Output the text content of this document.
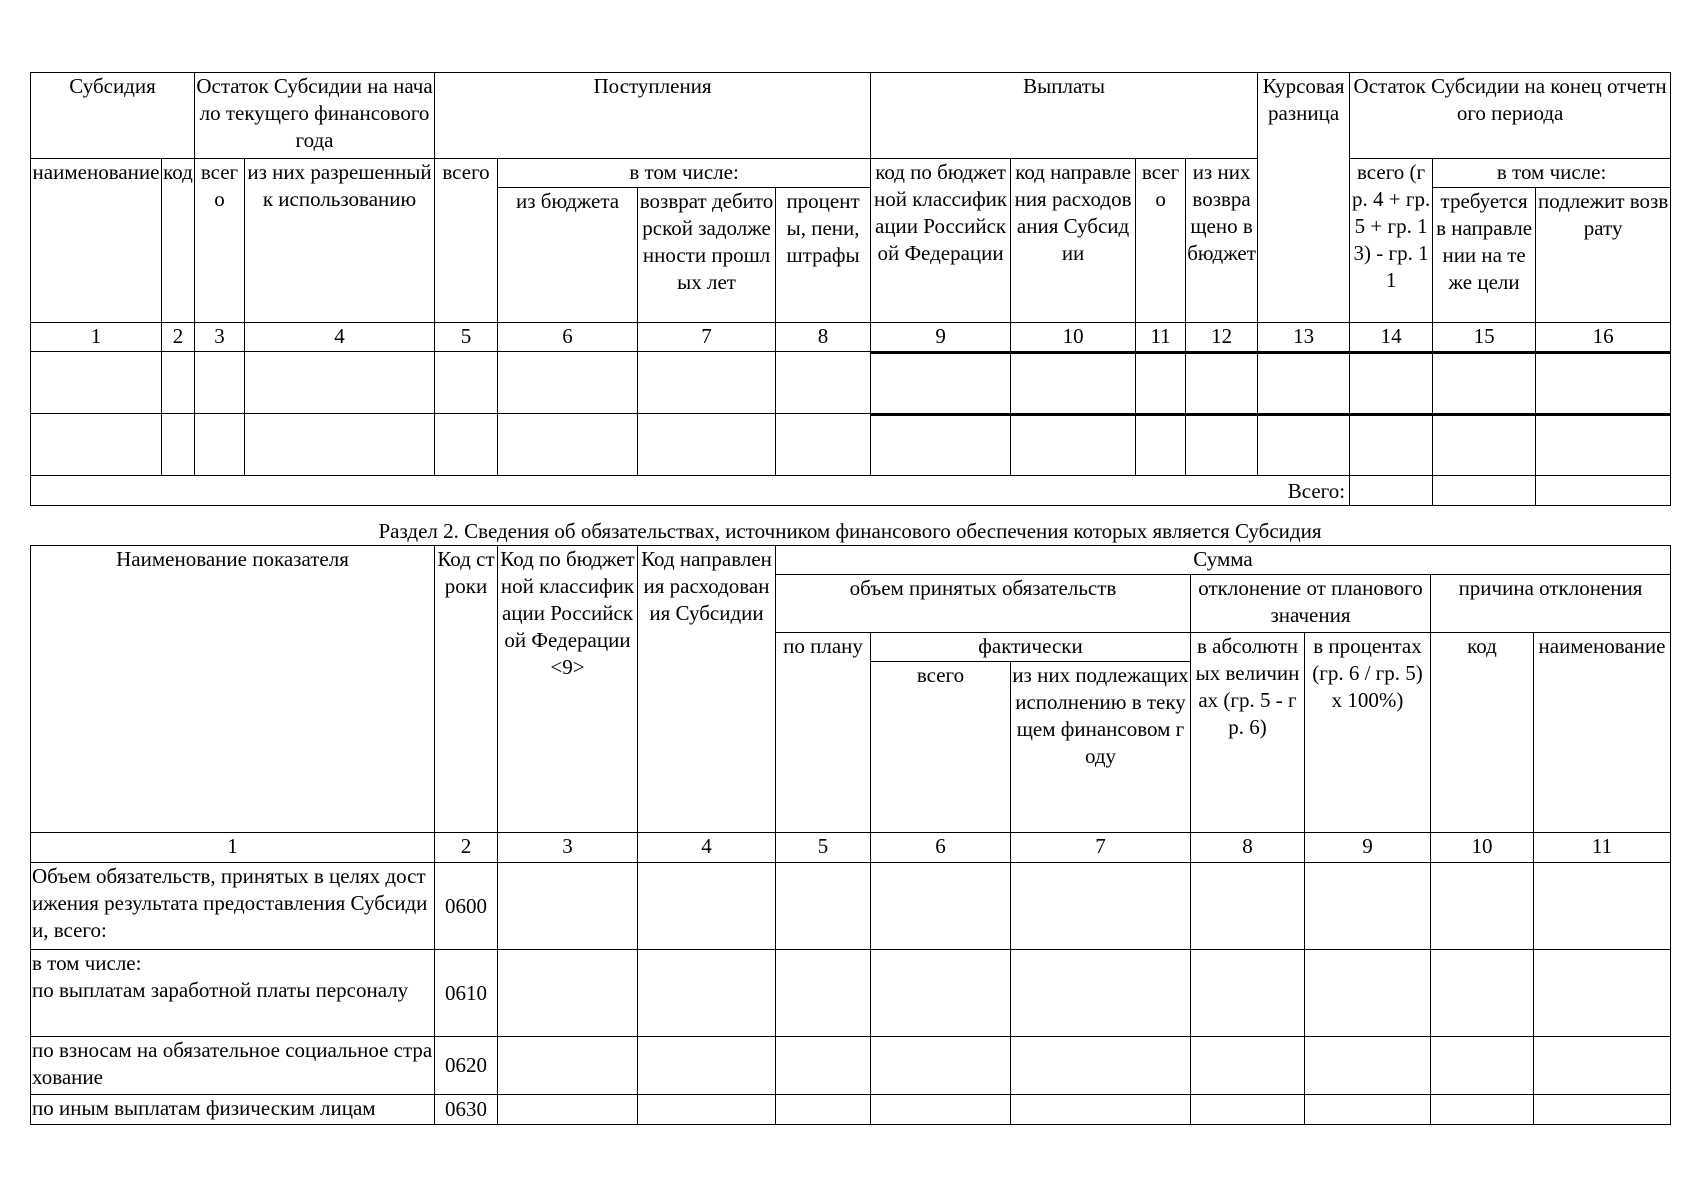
Субсидия		Остаток Субсидии на начало текущего финансового года		Поступления				Выплаты				Курсовая разница	Остаток Субсидии на конец отчетного периода		
наименование	код	всего	из них разрешенный к использованию	всего	в том числе:			код по бюджетной классификации Российской Федерации	код направления расходования Субсидии	всего	из них возвращено в бюджет		всего (гр. 4 + гр. 5 + гр. 13) - гр. 11	в том числе:	
					из бюджета	возврат дебиторской задолженности прошлых лет	проценты, пени, штрафы							требуется в направлении на те же цели	подлежит возврату
1	2	3	4	5	6	7	8	9	10	11	12	13	14	15	16

Всего:															
Раздел 2. Сведения об обязательствах, источником финансового обеспечения которых является Субсидия
Наименование показателя	Код строки	Код по бюджетной классификации Российской Федерации <9>	Код направления расходования Субсидии	Сумма						
				объем принятых обязательств			отклонение от планового значения		причина отклонения	
				по плану	фактически		в абсолютных величинах (гр. 5 - гр. 6)	в процентах (гр. 6 / гр. 5) x 100%)	код	наименование
					всего	из них подлежащих исполнению в текущем финансовом году				
1	2	3	4	5	6	7	8	9	10	11
Объем обязательств, принятых в целях достижения результата предоставления Субсидии, всего:	0600									
в том числе:
по выплатам заработной платы персоналу	0610									
по взносам на обязательное социальное страхование	0620									
по иным выплатам физическим лицам	0630									
